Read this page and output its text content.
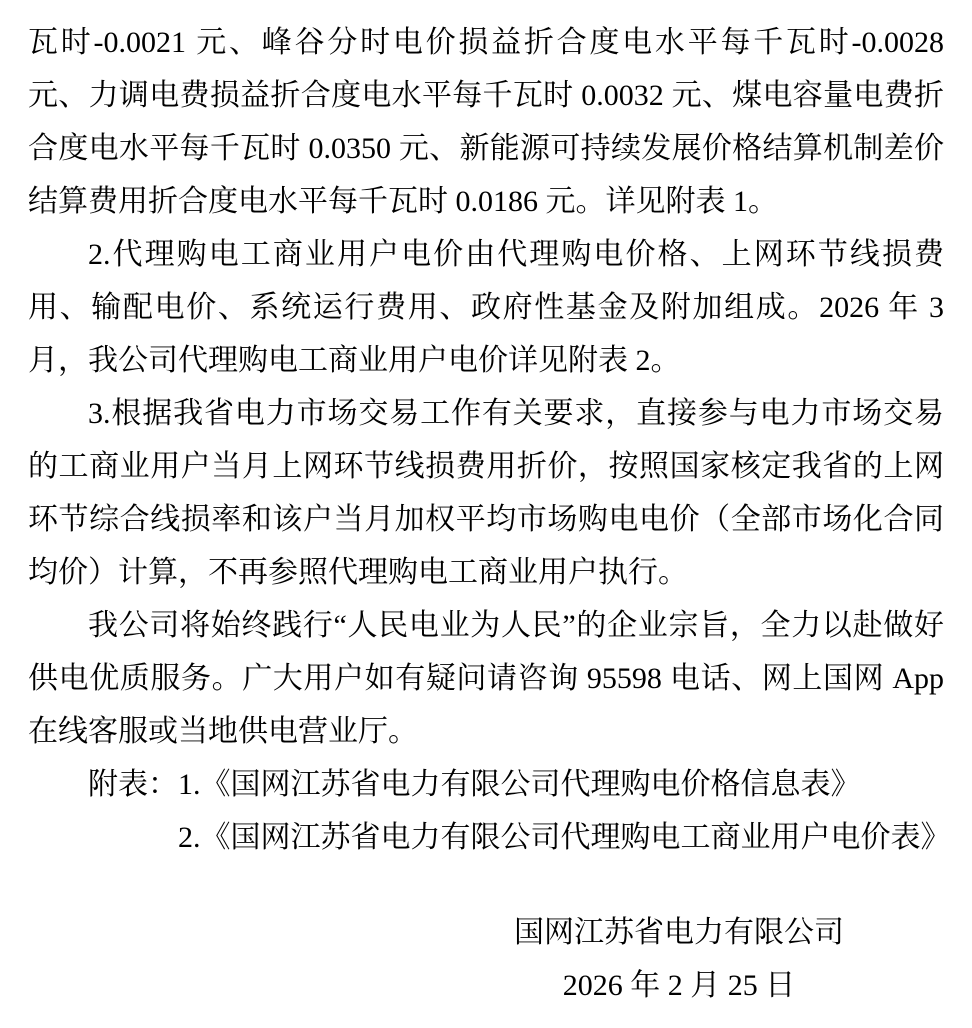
瓦时-0.0021 元、峰谷分时电价损益折合度电水平每千瓦时-0.0028 元、力调电费损益折合度电水平每千瓦时 0.0032 元、煤电容量电费折合度电水平每千瓦时 0.0350 元、新能源可持续发展价格结算机制差价结算费用折合度电水平每千瓦时 0.0186 元。详见附表 1。

2.代理购电工商业用户电价由代理购电价格、上网环节线损费用、输配电价、系统运行费用、政府性基金及附加组成。2026 年 3 月，我公司代理购电工商业用户电价详见附表 2。

3.根据我省电力市场交易工作有关要求，直接参与电力市场交易的工商业用户当月上网环节线损费用折价，按照国家核定我省的上网环节综合线损率和该户当月加权平均市场购电电价（全部市场化合同均价）计算，不再参照代理购电工商业用户执行。

我公司将始终践行“人民电业为人民”的企业宗旨，全力以赴做好供电优质服务。广大用户如有疑问请咨询 95598 电话、网上国网 App 在线客服或当地供电营业厅。

附表：1.《国网江苏省电力有限公司代理购电价格信息表》
2.《国网江苏省电力有限公司代理购电工商业用户电价表》
国网江苏省电力有限公司
2026 年 2 月 25 日
